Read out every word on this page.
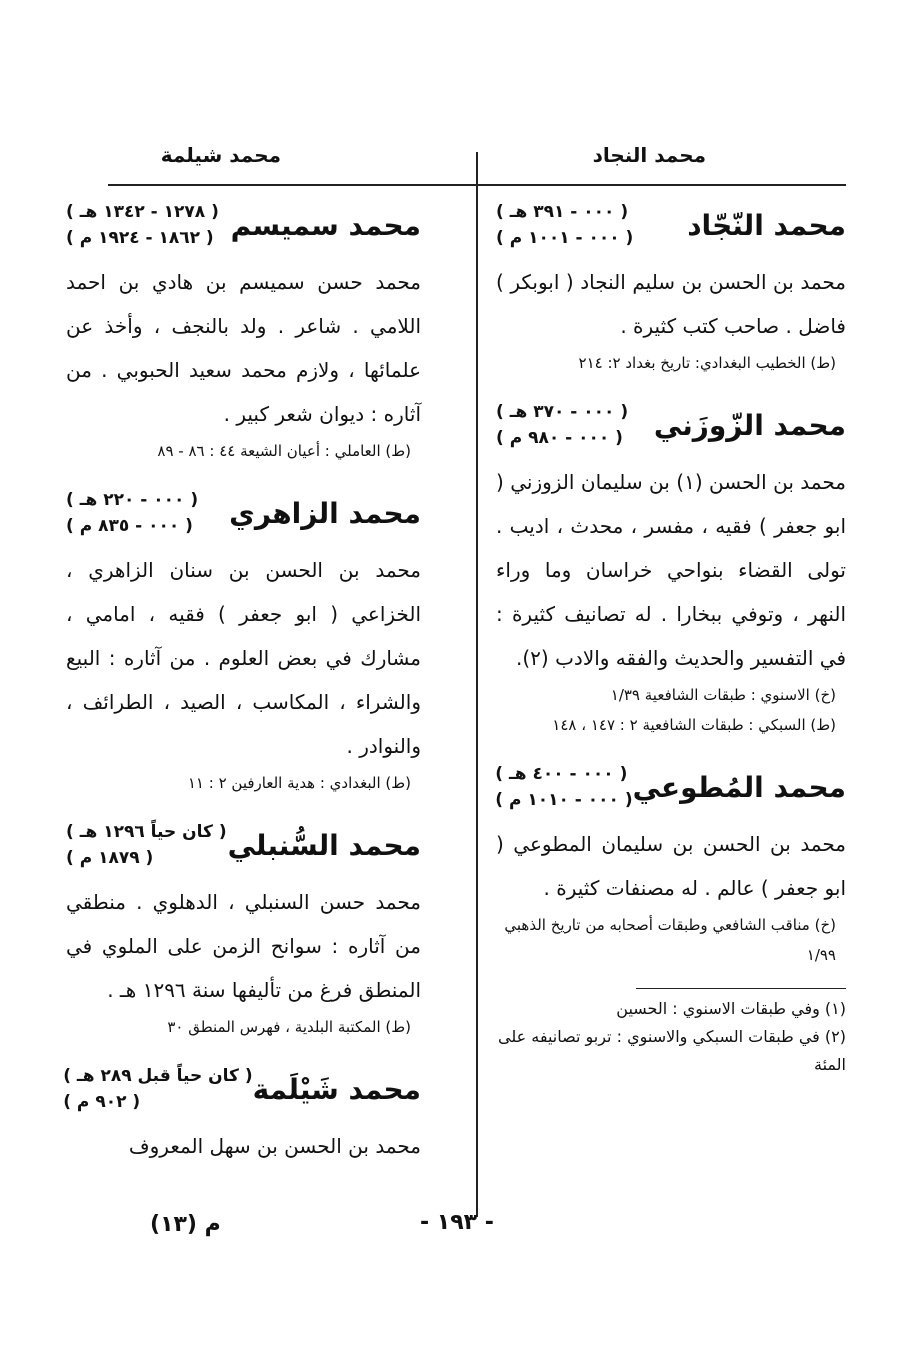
محمد النجاد
محمد شيلمة
محمد النّجّاد
( ٠٠٠ - ٣٩١ هـ )
( ٠٠٠ - ١٠٠١ م )
محمد بن الحسن بن سليم النجاد ( ابوبكر ) فاضل . صاحب كتب كثيرة .
(ط) الخطيب البغدادي: تاريخ بغداد ٢: ٢١٤
محمد الزّوزَني
( ٠٠٠ - ٣٧٠ هـ )
( ٠٠٠ - ٩٨٠ م )
محمد بن الحسن (١) بن سليمان الزوزني ( ابو جعفر ) فقيه ، مفسر ، محدث ، اديب . تولى القضاء بنواحي خراسان وما وراء النهر ، وتوفي ببخارا . له تصانيف كثيرة : في التفسير والحديث والفقه والادب (٢).
(خ) الاسنوي : طبقات الشافعية ١/٣٩
(ط) السبكي : طبقات الشافعية ٢ : ١٤٧ ، ١٤٨
محمد المُطوعي
( ٠٠٠ - ٤٠٠ هـ )
( ٠٠٠ - ١٠١٠ م )
محمد بن الحسن بن سليمان المطوعي ( ابو جعفر ) عالم . له مصنفات كثيرة .
(خ) مناقب الشافعي وطبقات أصحابه من تاريخ الذهبي ١/٩٩
(١) وفي طبقات الاسنوي : الحسين
(٢) في طبقات السبكي والاسنوي : تربو تصانيفه على المئة
محمد سميسم
( ١٢٧٨ - ١٣٤٢ هـ )
( ١٨٦٢ - ١٩٢٤ م )
محمد حسن سميسم بن هادي بن احمد اللامي . شاعر . ولد بالنجف ، وأخذ عن علمائها ، ولازم محمد سعيد الحبوبي . من آثاره : ديوان شعر كبير .
(ط) العاملي : أعيان الشيعة ٤٤ : ٨٦ - ٨٩
محمد الزاهري
( ٠٠٠ - ٢٢٠ هـ )
( ٠٠٠ - ٨٣٥ م )
محمد بن الحسن بن سنان الزاهري ، الخزاعي ( ابو جعفر ) فقيه ، امامي ، مشارك في بعض العلوم . من آثاره : البيع والشراء ، المكاسب ، الصيد ، الطرائف ، والنوادر .
(ط) البغدادي : هدية العارفين ٢ : ١١
محمد السُّنبلي
( كان حياً ١٢٩٦ هـ )
( ١٨٧٩ م )
محمد حسن السنبلي ، الدهلوي . منطقي من آثاره : سوانح الزمن على الملوي في المنطق فرغ من تأليفها سنة ١٢٩٦ هـ .
(ط) المكتبة البلدية ، فهرس المنطق ٣٠
محمد شَيْلَمة
( كان حياً قبل ٢٨٩ هـ )
( ٩٠٢ م )
محمد بن الحسن بن سهل المعروف
- ١٩٣ -
م (١٣)
